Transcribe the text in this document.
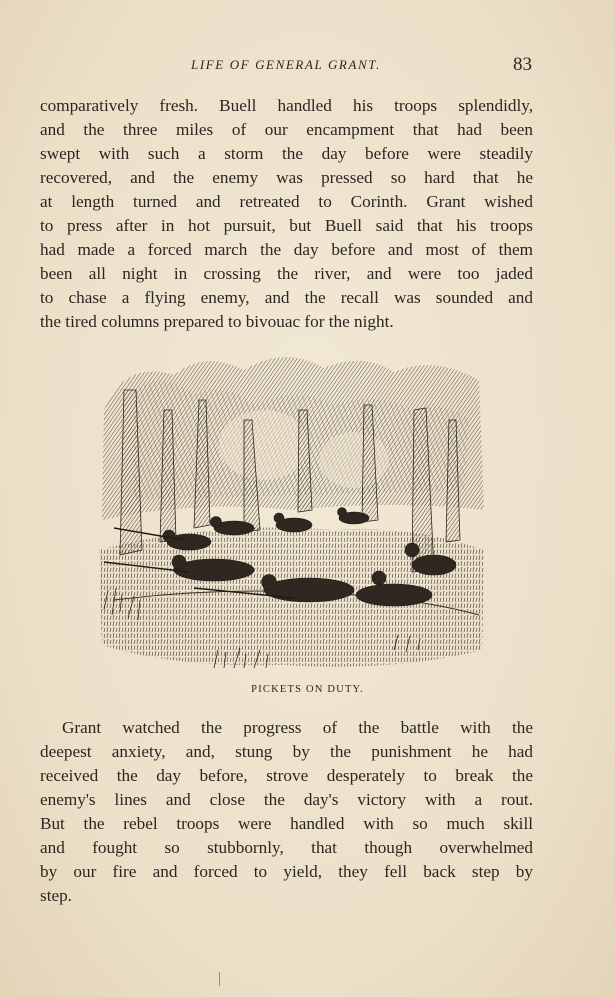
LIFE OF GENERAL GRANT.	83
comparatively fresh. Buell handled his troops splendidly,
and the three miles of our encampment that had been
swept with such a storm the day before were steadily
recovered, and the enemy was pressed so hard that he
at length turned and retreated to Corinth. Grant wished
to press after in hot pursuit, but Buell said that his troops
had made a forced march the day before and most of them
been all night in crossing the river, and were too jaded
to chase a flying enemy, and the recall was sounded and
the tired columns prepared to bivouac for the night.
PICKETS ON DUTY.
Grant watched the progress of the battle with the
deepest anxiety, and, stung by the punishment he had
received the day before, strove desperately to break the
enemy's lines and close the day's victory with a rout.
But the rebel troops were handled with so much skill
and fought so stubbornly, that though overwhelmed
by our fire and forced to yield, they fell back step by
step.
